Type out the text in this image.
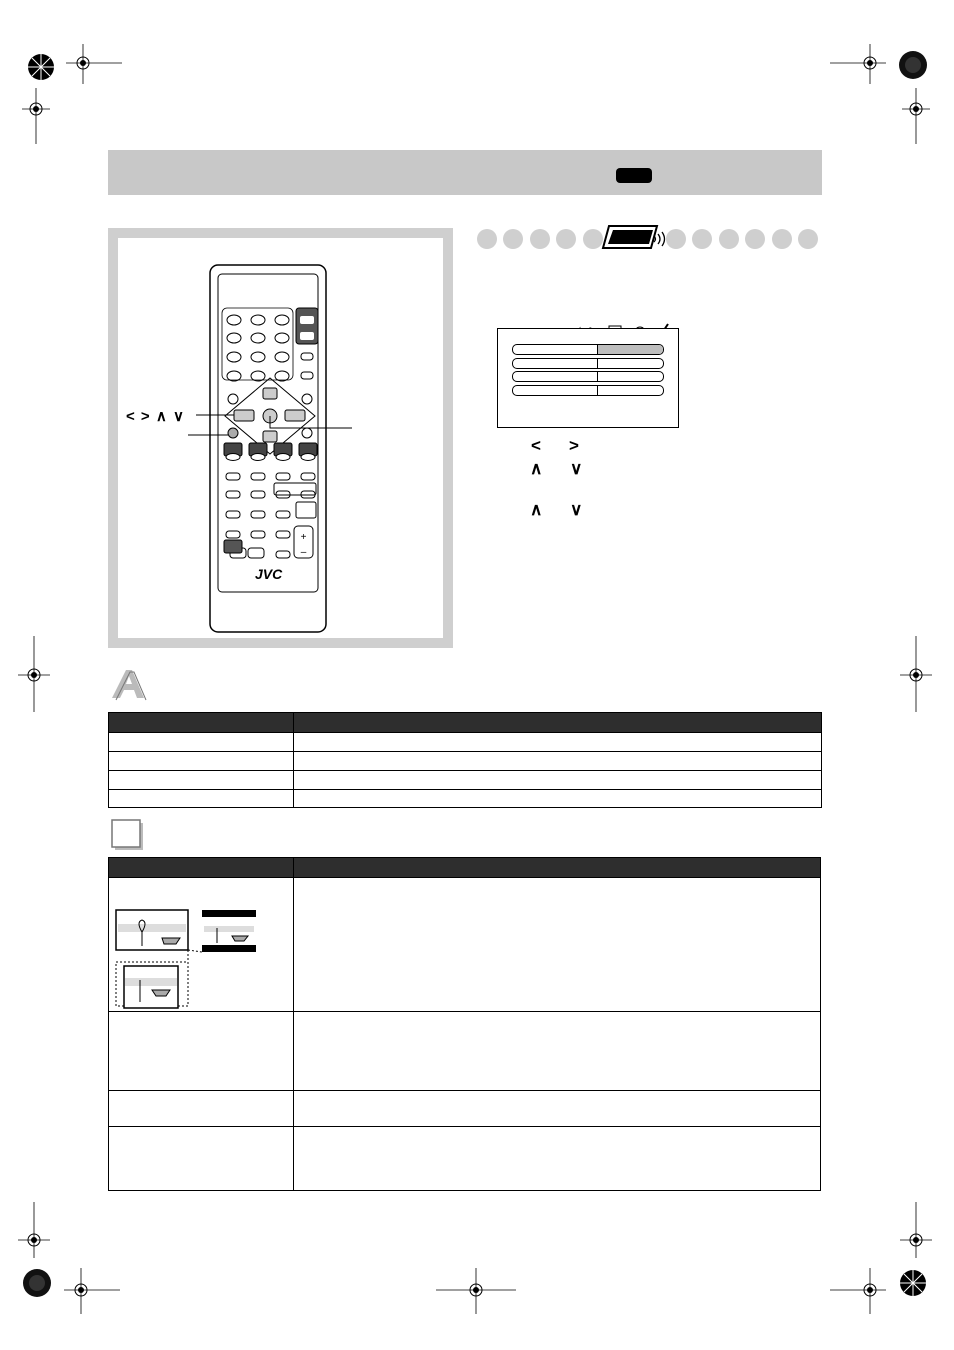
+
–
JVC
< > ∧ ∨
< >
∧ ∨
∧ ∨
